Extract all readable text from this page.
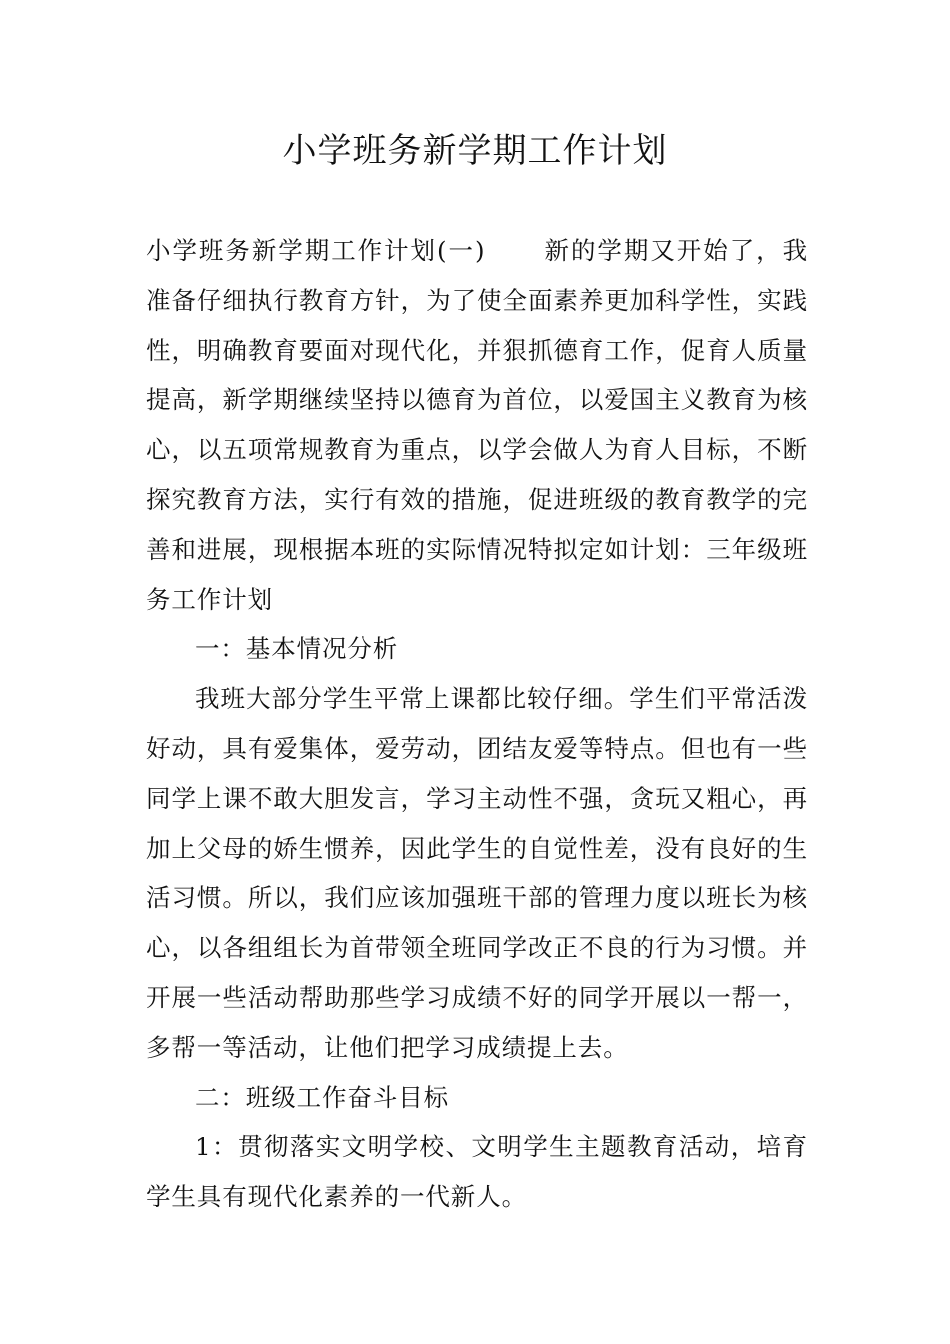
小学班务新学期工作计划

小学班务新学期工作计划(一) 新的学期又开始了，我准备仔细执行教育方针，为了使全面素养更加科学性，实践性，明确教育要面对现代化，并狠抓德育工作，促育人质量提高，新学期继续坚持以德育为首位，以爱国主义教育为核心，以五项常规教育为重点，以学会做人为育人目标，不断探究教育方法，实行有效的措施，促进班级的教育教学的完善和进展，现根据本班的实际情况特拟定如计划：三年级班务工作计划

一：基本情况分析

我班大部分学生平常上课都比较仔细。学生们平常活泼好动，具有爱集体，爱劳动，团结友爱等特点。但也有一些同学上课不敢大胆发言，学习主动性不强，贪玩又粗心，再加上父母的娇生惯养，因此学生的自觉性差，没有良好的生活习惯。所以，我们应该加强班干部的管理力度以班长为核心，以各组组长为首带领全班同学改正不良的行为习惯。并开展一些活动帮助那些学习成绩不好的同学开展以一帮一，多帮一等活动，让他们把学习成绩提上去。

二：班级工作奋斗目标

1：贯彻落实文明学校、文明学生主题教育活动，培育学生具有现代化素养的一代新人。
